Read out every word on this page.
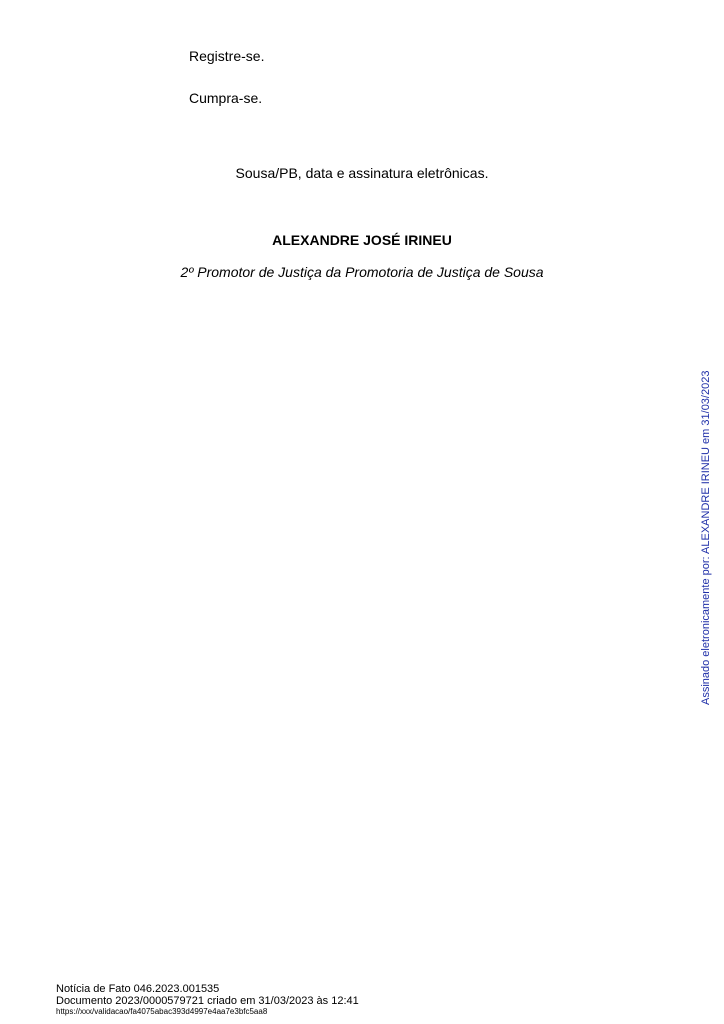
Registre-se.
Cumpra-se.
Sousa/PB, data e assinatura eletrônicas.
ALEXANDRE JOSÉ IRINEU
2º Promotor de Justiça da Promotoria de Justiça de Sousa
Assinado eletronicamente por: ALEXANDRE IRINEU em 31/03/2023
Notícia de Fato 046.2023.001535
Documento 2023/0000579721 criado em 31/03/2023 às 12:41
https://xxx/validacao/fa4075abac393d4997e4aa7e3bfc5aa8
